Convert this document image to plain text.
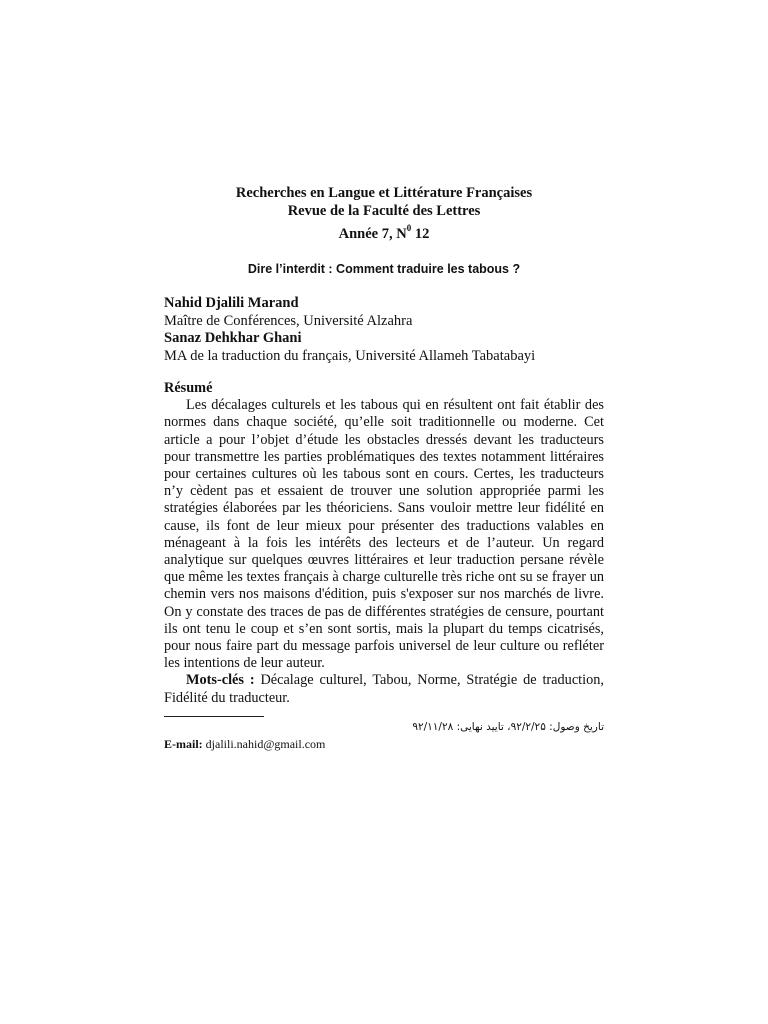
Recherches en Langue et Littérature Françaises
Revue de la Faculté des Lettres
Année 7, $N^0$ 12
Dire l’interdit : Comment traduire les tabous ?
Nahid Djalili Marand
Maître de Conférences, Université Alzahra
Sanaz Dehkhar Ghani
MA de la traduction du français, Université Allameh Tabatabayi
Résumé

Les décalages culturels et les tabous qui en résultent ont fait établir des normes dans chaque société, qu’elle soit traditionnelle ou moderne. Cet article a pour l’objet d’étude les obstacles dressés devant les traducteurs pour transmettre les parties problématiques des textes notamment littéraires pour certaines cultures où les tabous sont en cours. Certes, les traducteurs n’y cèdent pas et essaient de trouver une solution appropriée parmi les stratégies élaborées par les théoriciens. Sans vouloir mettre leur fidélité en cause, ils font de leur mieux pour présenter des traductions valables en ménageant à la fois les intérêts des lecteurs et de l’auteur. Un regard analytique sur quelques œuvres littéraires et leur traduction persane révèle que même les textes français à charge culturelle très riche ont su se frayer un chemin vers nos maisons d'édition, puis s'exposer sur nos marchés de livre. On y constate des traces de pas de différentes stratégies de censure, pourtant ils ont tenu le coup et s’en sont sortis, mais la plupart du temps cicatrisés, pour nous faire part du message parfois universel de leur culture ou refléter les intentions de leur auteur.

Mots-clés : Décalage culturel, Tabou, Norme, Stratégie de traduction, Fidélité du traducteur.

تاریخ وصول: ۹۲/۲/۲۵، تایید نهایی: ۹۲/۱۱/۲۸
E-mail: djalili.nahid@gmail.com
